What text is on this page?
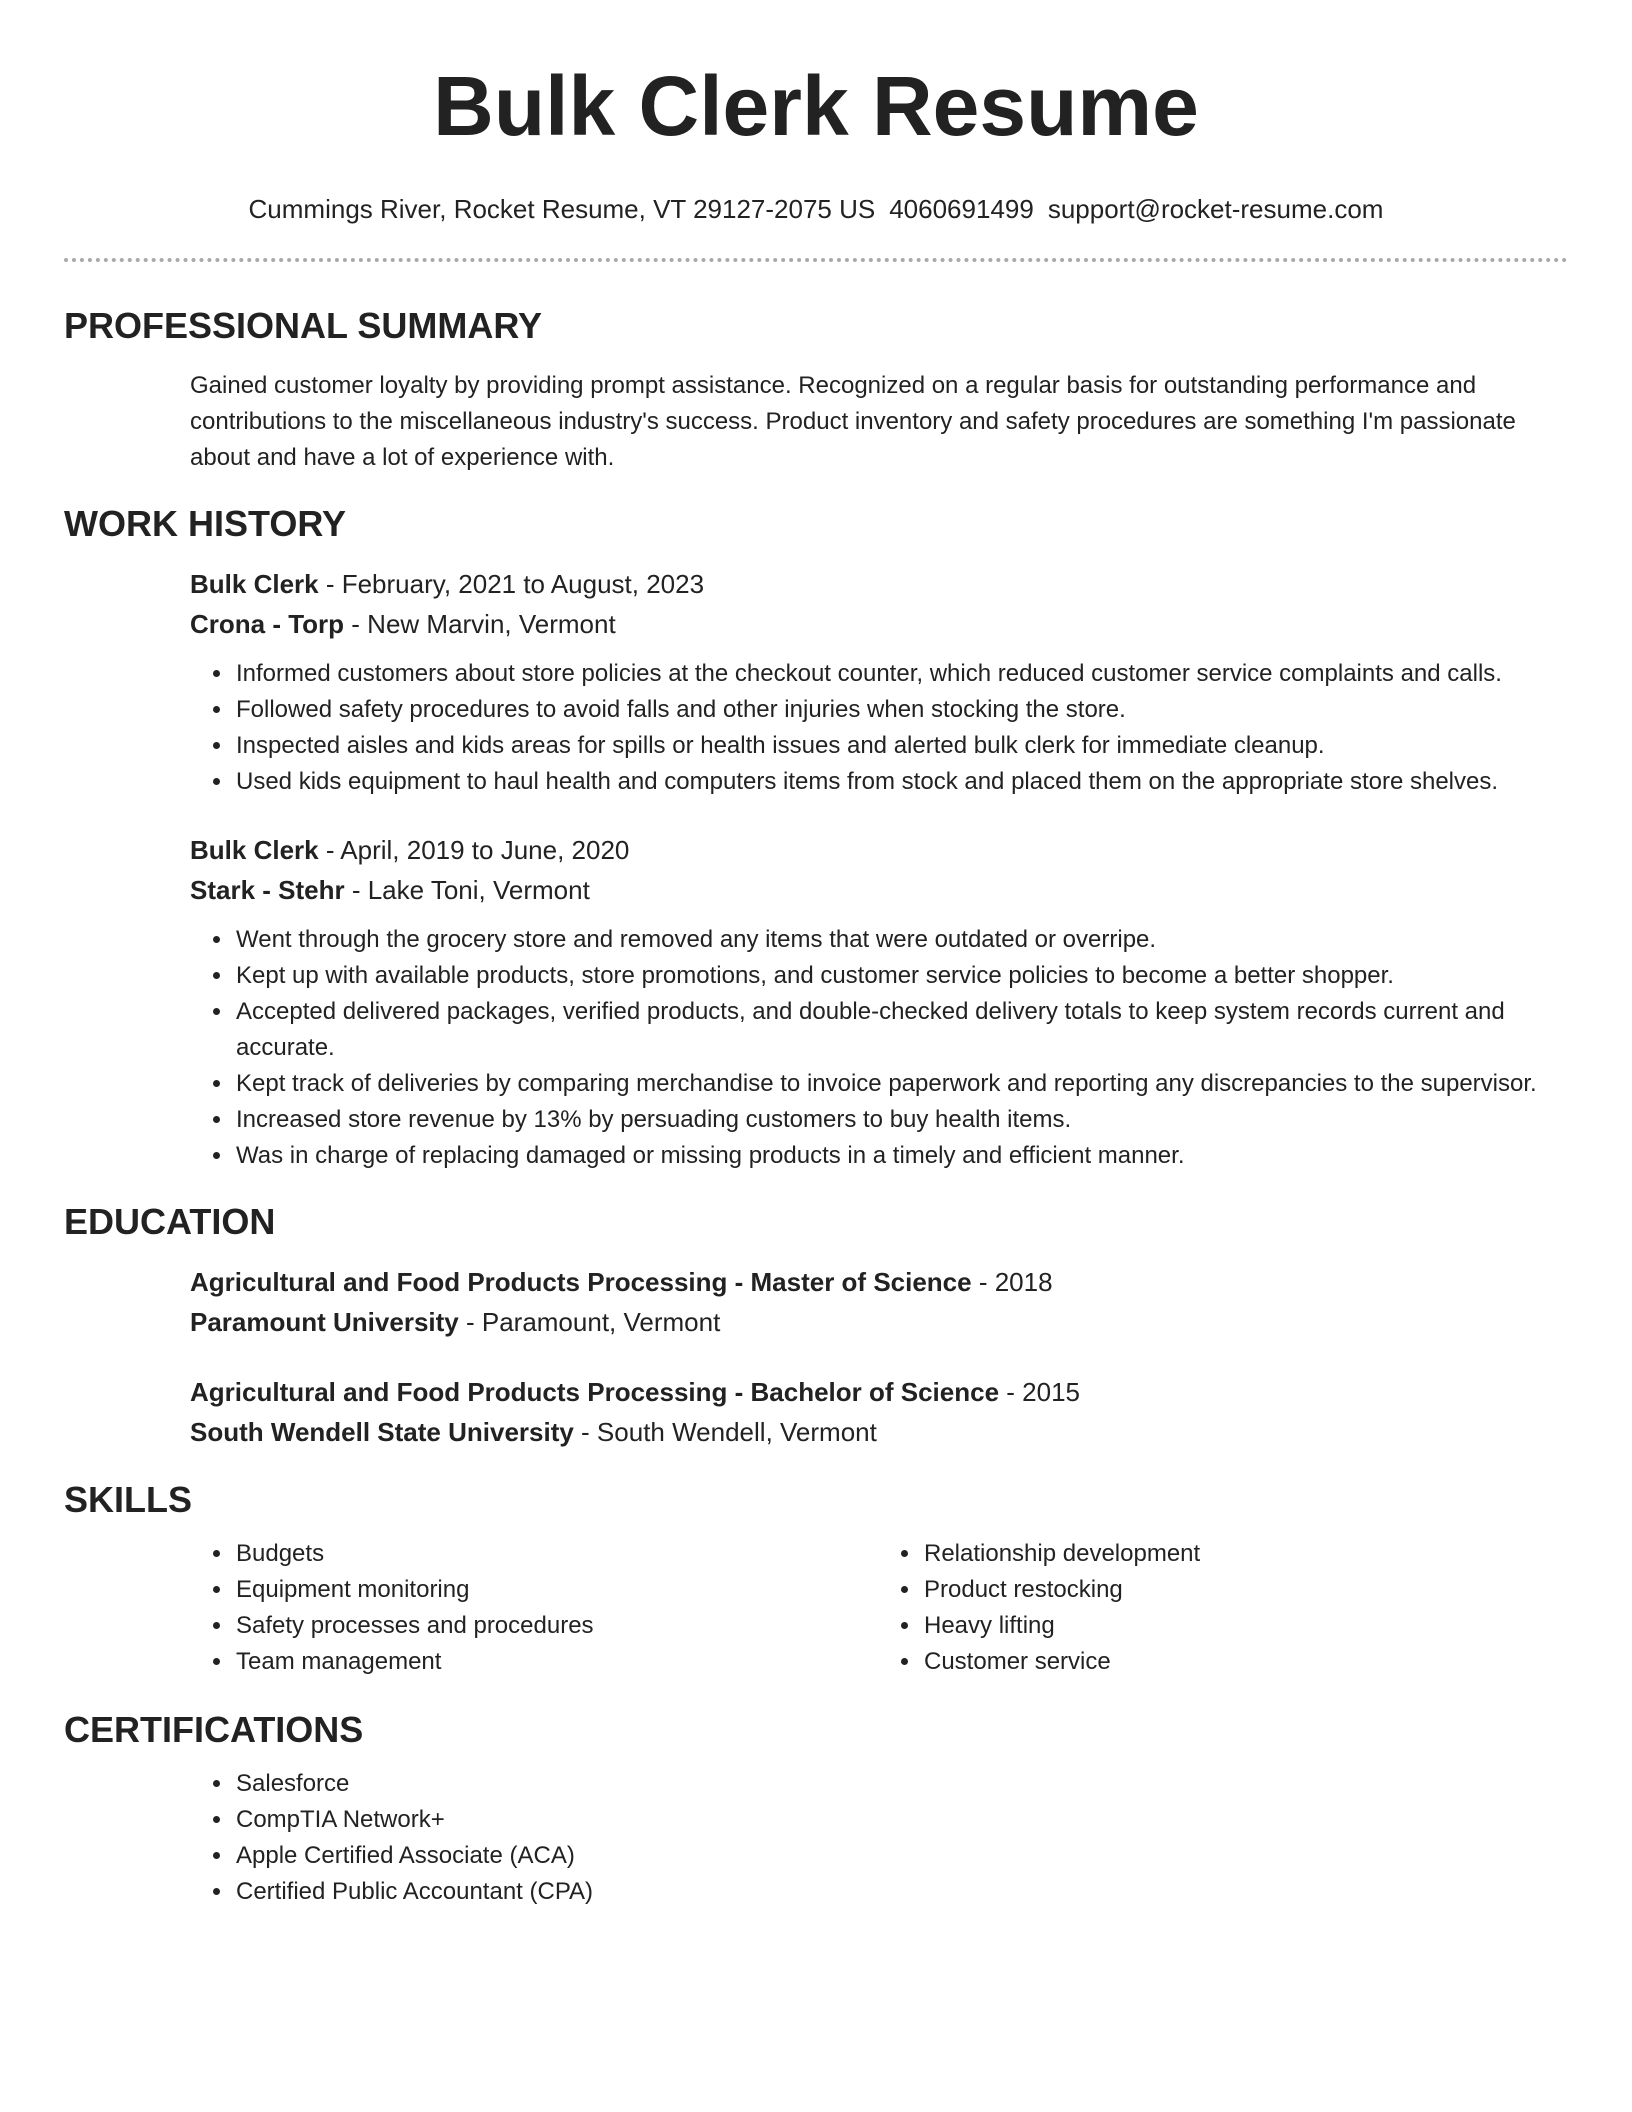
Bulk Clerk Resume
Cummings River, Rocket Resume, VT 29127-2075 US 4060691499 support@rocket-resume.com
PROFESSIONAL SUMMARY
Gained customer loyalty by providing prompt assistance. Recognized on a regular basis for outstanding performance and contributions to the miscellaneous industry's success. Product inventory and safety procedures are something I'm passionate about and have a lot of experience with.
WORK HISTORY
Bulk Clerk - February, 2021 to August, 2023
Crona - Torp - New Marvin, Vermont
• Informed customers about store policies at the checkout counter, which reduced customer service complaints and calls.
• Followed safety procedures to avoid falls and other injuries when stocking the store.
• Inspected aisles and kids areas for spills or health issues and alerted bulk clerk for immediate cleanup.
• Used kids equipment to haul health and computers items from stock and placed them on the appropriate store shelves.
Bulk Clerk - April, 2019 to June, 2020
Stark - Stehr - Lake Toni, Vermont
• Went through the grocery store and removed any items that were outdated or overripe.
• Kept up with available products, store promotions, and customer service policies to become a better shopper.
• Accepted delivered packages, verified products, and double-checked delivery totals to keep system records current and accurate.
• Kept track of deliveries by comparing merchandise to invoice paperwork and reporting any discrepancies to the supervisor.
• Increased store revenue by 13% by persuading customers to buy health items.
• Was in charge of replacing damaged or missing products in a timely and efficient manner.
EDUCATION
Agricultural and Food Products Processing - Master of Science - 2018
Paramount University - Paramount, Vermont
Agricultural and Food Products Processing - Bachelor of Science - 2015
South Wendell State University - South Wendell, Vermont
SKILLS
• Budgets
• Equipment monitoring
• Safety processes and procedures
• Team management
• Relationship development
• Product restocking
• Heavy lifting
• Customer service
CERTIFICATIONS
• Salesforce
• CompTIA Network+
• Apple Certified Associate (ACA)
• Certified Public Accountant (CPA)
